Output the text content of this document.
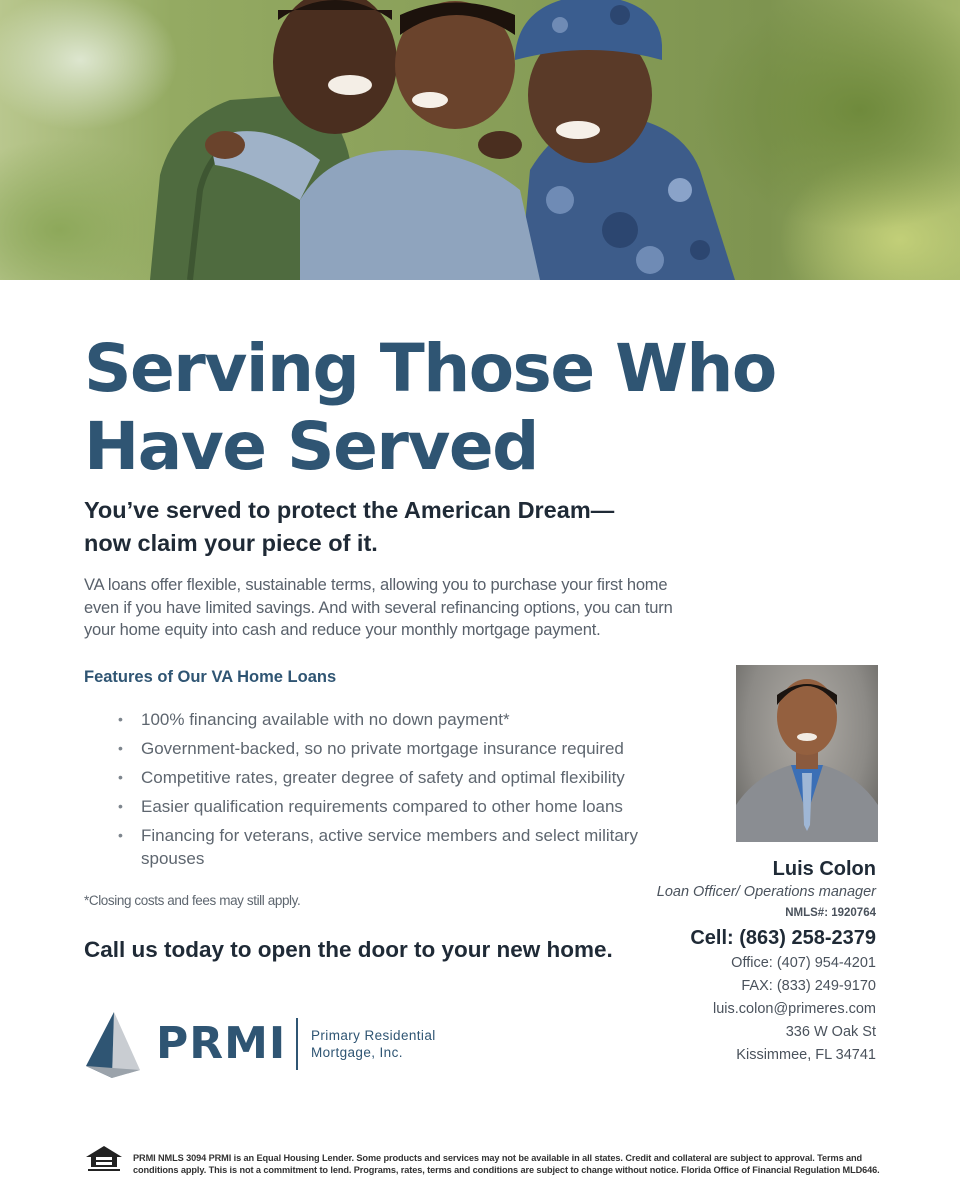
Serving Those Who
Have Served

You’ve served to protect the American Dream—
now claim your piece of it.

VA loans offer flexible, sustainable terms, allowing you to purchase your first home even if you have limited savings. And with several refinancing options, you can turn your home equity into cash and reduce your monthly mortgage payment.

Features of Our VA Home Loans
• 100% financing available with no down payment*
• Government-backed, so no private mortgage insurance required
• Competitive rates, greater degree of safety and optimal flexibility
• Easier qualification requirements compared to other home loans
• Financing for veterans, active service members and select military spouses

*Closing costs and fees may still apply.

Call us today to open the door to your new home.

PRMI Primary Residential
Mortgage, Inc.
Luis Colon
Loan Officer/ Operations manager
NMLS#: 1920764
Cell: (863) 258-2379
Office: (407) 954-4201
FAX: (833) 249-9170
luis.colon@primeres.com
336 W Oak St
Kissimmee, FL 34741

PRMI NMLS 3094 PRMI is an Equal Housing Lender. Some products and services may not be available in all states. Credit and collateral are subject to approval. Terms and conditions apply. This is not a commitment to lend. Programs, rates, terms and conditions are subject to change without notice. Florida Office of Financial Regulation MLD646.
